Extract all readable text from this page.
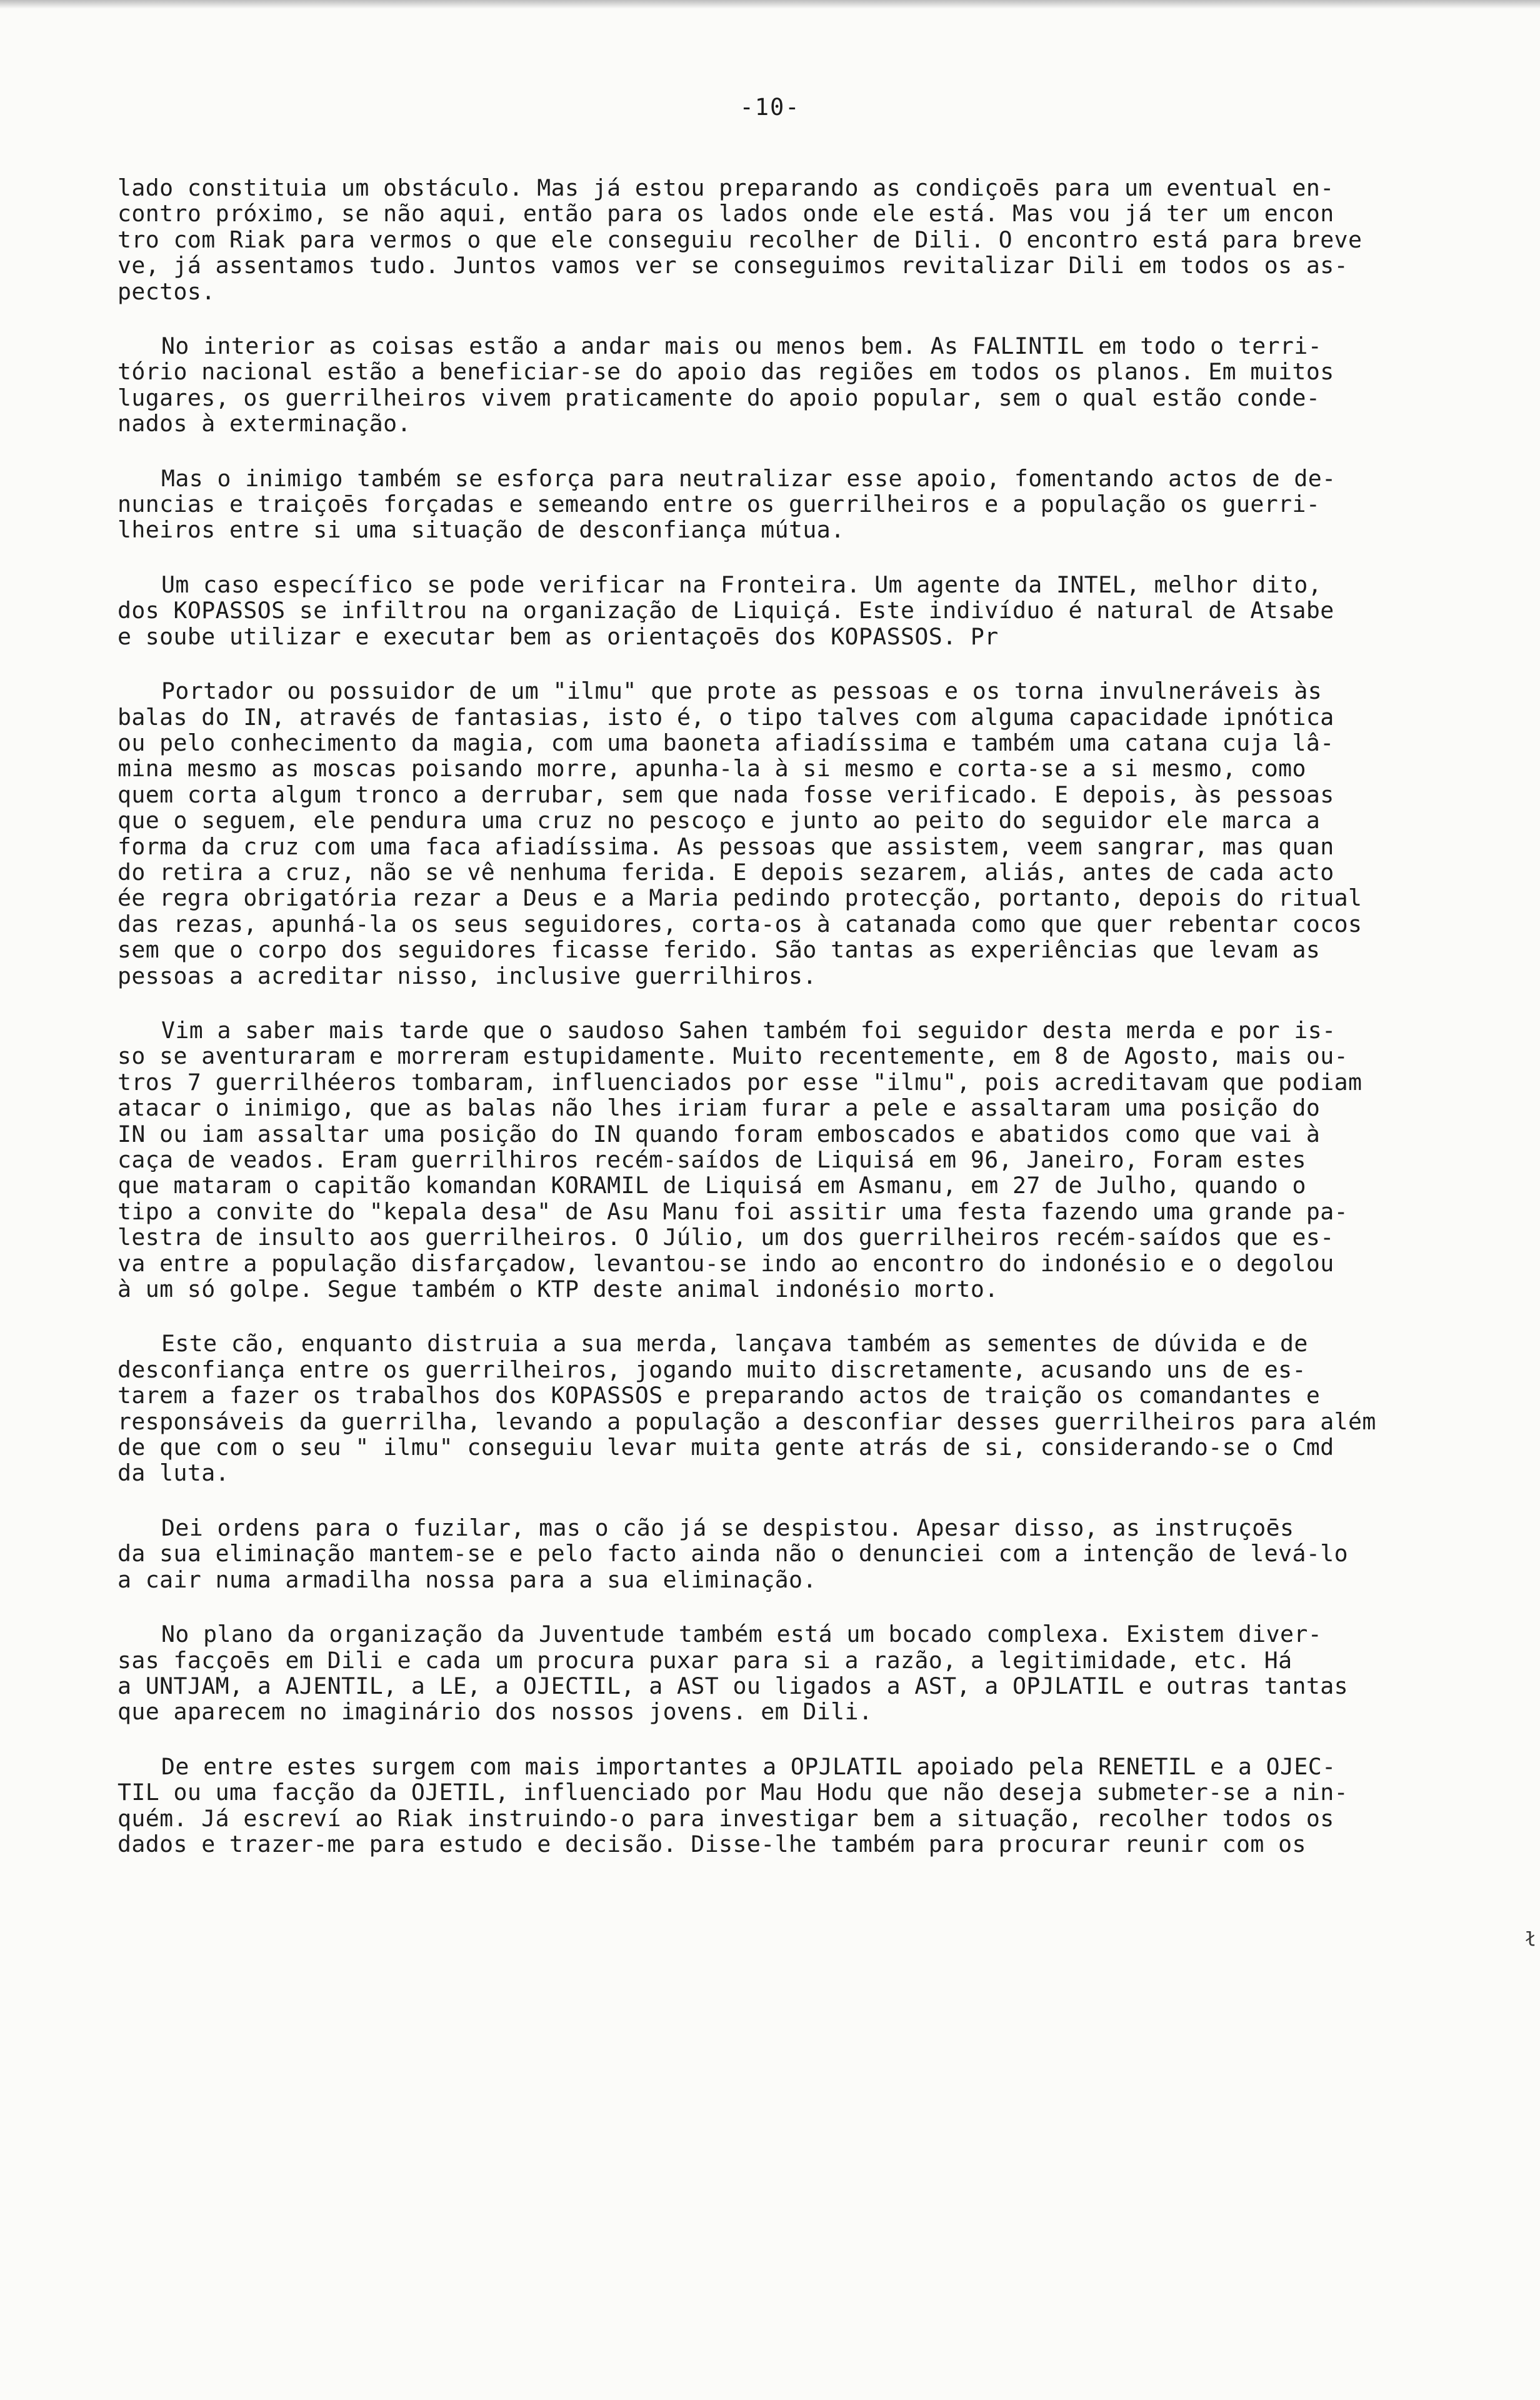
-10-
ł
lado constituia um obstáculo. Mas já estou preparando as condiçoēs para um eventual en-
contro próximo, se não aqui, então para os lados onde ele está. Mas vou já ter um encon
tro com Riak para vermos o que ele conseguiu recolher de Dili. O encontro está para breve
ve, já assentamos tudo. Juntos vamos ver se conseguimos revitalizar Dili em todos os as-
pectos.
No interior as coisas estão a andar mais ou menos bem. As FALINTIL em todo o terri-
tório nacional estão a beneficiar-se do apoio das regiões em todos os planos. Em muitos
lugares, os guerrilheiros vivem praticamente do apoio popular, sem o qual estão conde-
nados à exterminação.
Mas o inimigo também se esforça para neutralizar esse apoio, fomentando actos de de-
nuncias e traiçoēs forçadas e semeando entre os guerrilheiros e a população os guerri-
lheiros entre si uma situação de desconfiança mútua.
Um caso específico se pode verificar na Fronteira. Um agente da INTEL, melhor dito,
dos KOPASSOS se infiltrou na organização de Liquiçá. Este indivíduo é natural de Atsabe
e soube utilizar e executar bem as orientaçoēs dos KOPASSOS. Pr
Portador ou possuidor de um "ilmu" que prote as pessoas e os torna invulneráveis às
balas do IN, através de fantasias, isto é, o tipo talves com alguma capacidade ipnótica
ou pelo conhecimento da magia, com uma baoneta afiadíssima e também uma catana cuja lâ-
mina mesmo as moscas poisando morre, apunha-la à si mesmo e corta-se a si mesmo, como
quem corta algum tronco a derrubar, sem que nada fosse verificado. E depois, às pessoas
que o seguem, ele pendura uma cruz no pescoço e junto ao peito do seguidor ele marca a
forma da cruz com uma faca afiadíssima. As pessoas que assistem, veem sangrar, mas quan
do retira a cruz, não se vê nenhuma ferida. E depois sezarem, aliás, antes de cada acto
ée regra obrigatória rezar a Deus e a Maria pedindo protecção, portanto, depois do ritual
das rezas, apunhá-la os seus seguidores, corta-os à catanada como que quer rebentar cocos
sem que o corpo dos seguidores ficasse ferido. São tantas as experiências que levam as
pessoas a acreditar nisso, inclusive guerrilhiros.
Vim a saber mais tarde que o saudoso Sahen também foi seguidor desta merda e por is-
so se aventuraram e morreram estupidamente. Muito recentemente, em 8 de Agosto, mais ou-
tros 7 guerrilhéeros tombaram, influenciados por esse "ilmu", pois acreditavam que podiam
atacar o inimigo, que as balas não lhes iriam furar a pele e assaltaram uma posição do
IN ou iam assaltar uma posição do IN quando foram emboscados e abatidos como que vai à
caça de veados. Eram guerrilhiros recém-saídos de Liquisá em 96, Janeiro, Foram estes
que mataram o capitão komandan KORAMIL de Liquisá em Asmanu, em 27 de Julho, quando o
tipo a convite do "kepala desa" de Asu Manu foi assitir uma festa fazendo uma grande pa-
lestra de insulto aos guerrilheiros. O Júlio, um dos guerrilheiros recém-saídos que es-
va entre a população disfarçadow, levantou-se indo ao encontro do indonésio e o degolou
à um só golpe. Segue também o KTP deste animal indonésio morto.
Este cão, enquanto distruia a sua merda, lançava também as sementes de dúvida e de
desconfiança entre os guerrilheiros, jogando muito discretamente, acusando uns de es-
tarem a fazer os trabalhos dos KOPASSOS e preparando actos de traição os comandantes e
responsáveis da guerrilha, levando a população a desconfiar desses guerrilheiros para além
de que com o seu " ilmu" conseguiu levar muita gente atrás de si, considerando-se o Cmd
da luta.
Dei ordens para o fuzilar, mas o cão já se despistou. Apesar disso, as instruçoēs
da sua eliminação mantem-se e pelo facto ainda não o denunciei com a intenção de levá-lo
a cair numa armadilha nossa para a sua eliminação.
No plano da organização da Juventude também está um bocado complexa. Existem diver-
sas facçoēs em Dili e cada um procura puxar para si a razão, a legitimidade, etc. Há
a UNTJAM, a AJENTIL, a LE, a OJECTIL, a AST ou ligados a AST, a OPJLATIL e outras tantas
que aparecem no imaginário dos nossos jovens. em Dili.
De entre estes surgem com mais importantes a OPJLATIL apoiado pela RENETIL e a OJEC-
TIL ou uma facção da OJETIL, influenciado por Mau Hodu que não deseja submeter-se a nin-
quém. Já escreví ao Riak instruindo-o para investigar bem a situação, recolher todos os
dados e trazer-me para estudo e decisão. Disse-lhe também para procurar reunir com os
